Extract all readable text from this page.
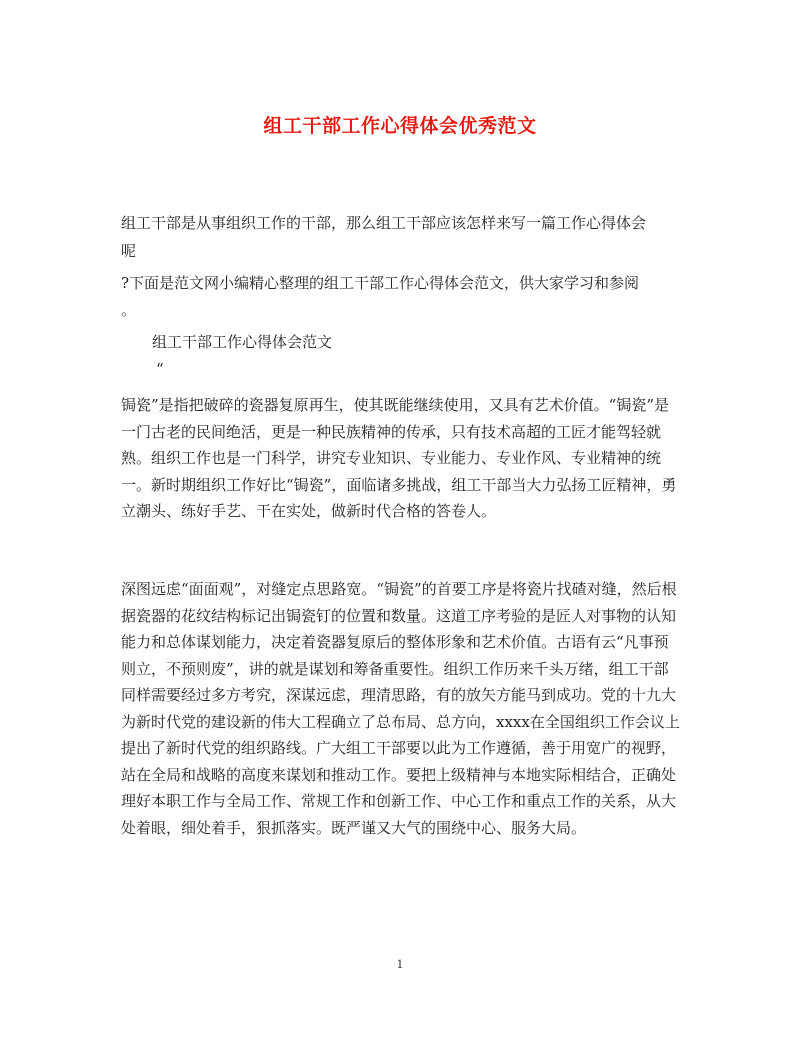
组工干部工作心得体会优秀范文

组工干部是从事组织工作的干部，那么组工干部应该怎样来写一篇工作心得体会

呢

?下面是范文网小编精心整理的组工干部工作心得体会范文，供大家学习和参阅

。

组工干部工作心得体会范文

“

锔瓷”是指把破碎的瓷器复原再生，使其既能继续使用，又具有艺术价值。“锔瓷”是一门古老的民间绝活，更是一种民族精神的传承，只有技术高超的工匠才能驾轻就熟。组织工作也是一门科学，讲究专业知识、专业能力、专业作风、专业精神的统一。新时期组织工作好比“锔瓷”，面临诸多挑战，组工干部当大力弘扬工匠精神，勇立潮头、练好手艺、干在实处，做新时代合格的答卷人。

深图远虑“面面观”，对缝定点思路宽。“锔瓷”的首要工序是将瓷片找碴对缝，然后根据瓷器的花纹结构标记出锔瓷钉的位置和数量。这道工序考验的是匠人对事物的认知能力和总体谋划能力，决定着瓷器复原后的整体形象和艺术价值。古语有云“凡事预则立，不预则废”，讲的就是谋划和筹备重要性。组织工作历来千头万绪，组工干部同样需要经过多方考究，深谋远虑，理清思路，有的放矢方能马到成功。党的十九大为新时代党的建设新的伟大工程确立了总布局、总方向，xxxx在全国组织工作会议上提出了新时代党的组织路线。广大组工干部要以此为工作遵循，善于用宽广的视野，站在全局和战略的高度来谋划和推动工作。要把上级精神与本地实际相结合，正确处理好本职工作与全局工作、常规工作和创新工作、中心工作和重点工作的关系，从大处着眼，细处着手，狠抓落实。既严谨又大气的围绕中心、服务大局。

1
